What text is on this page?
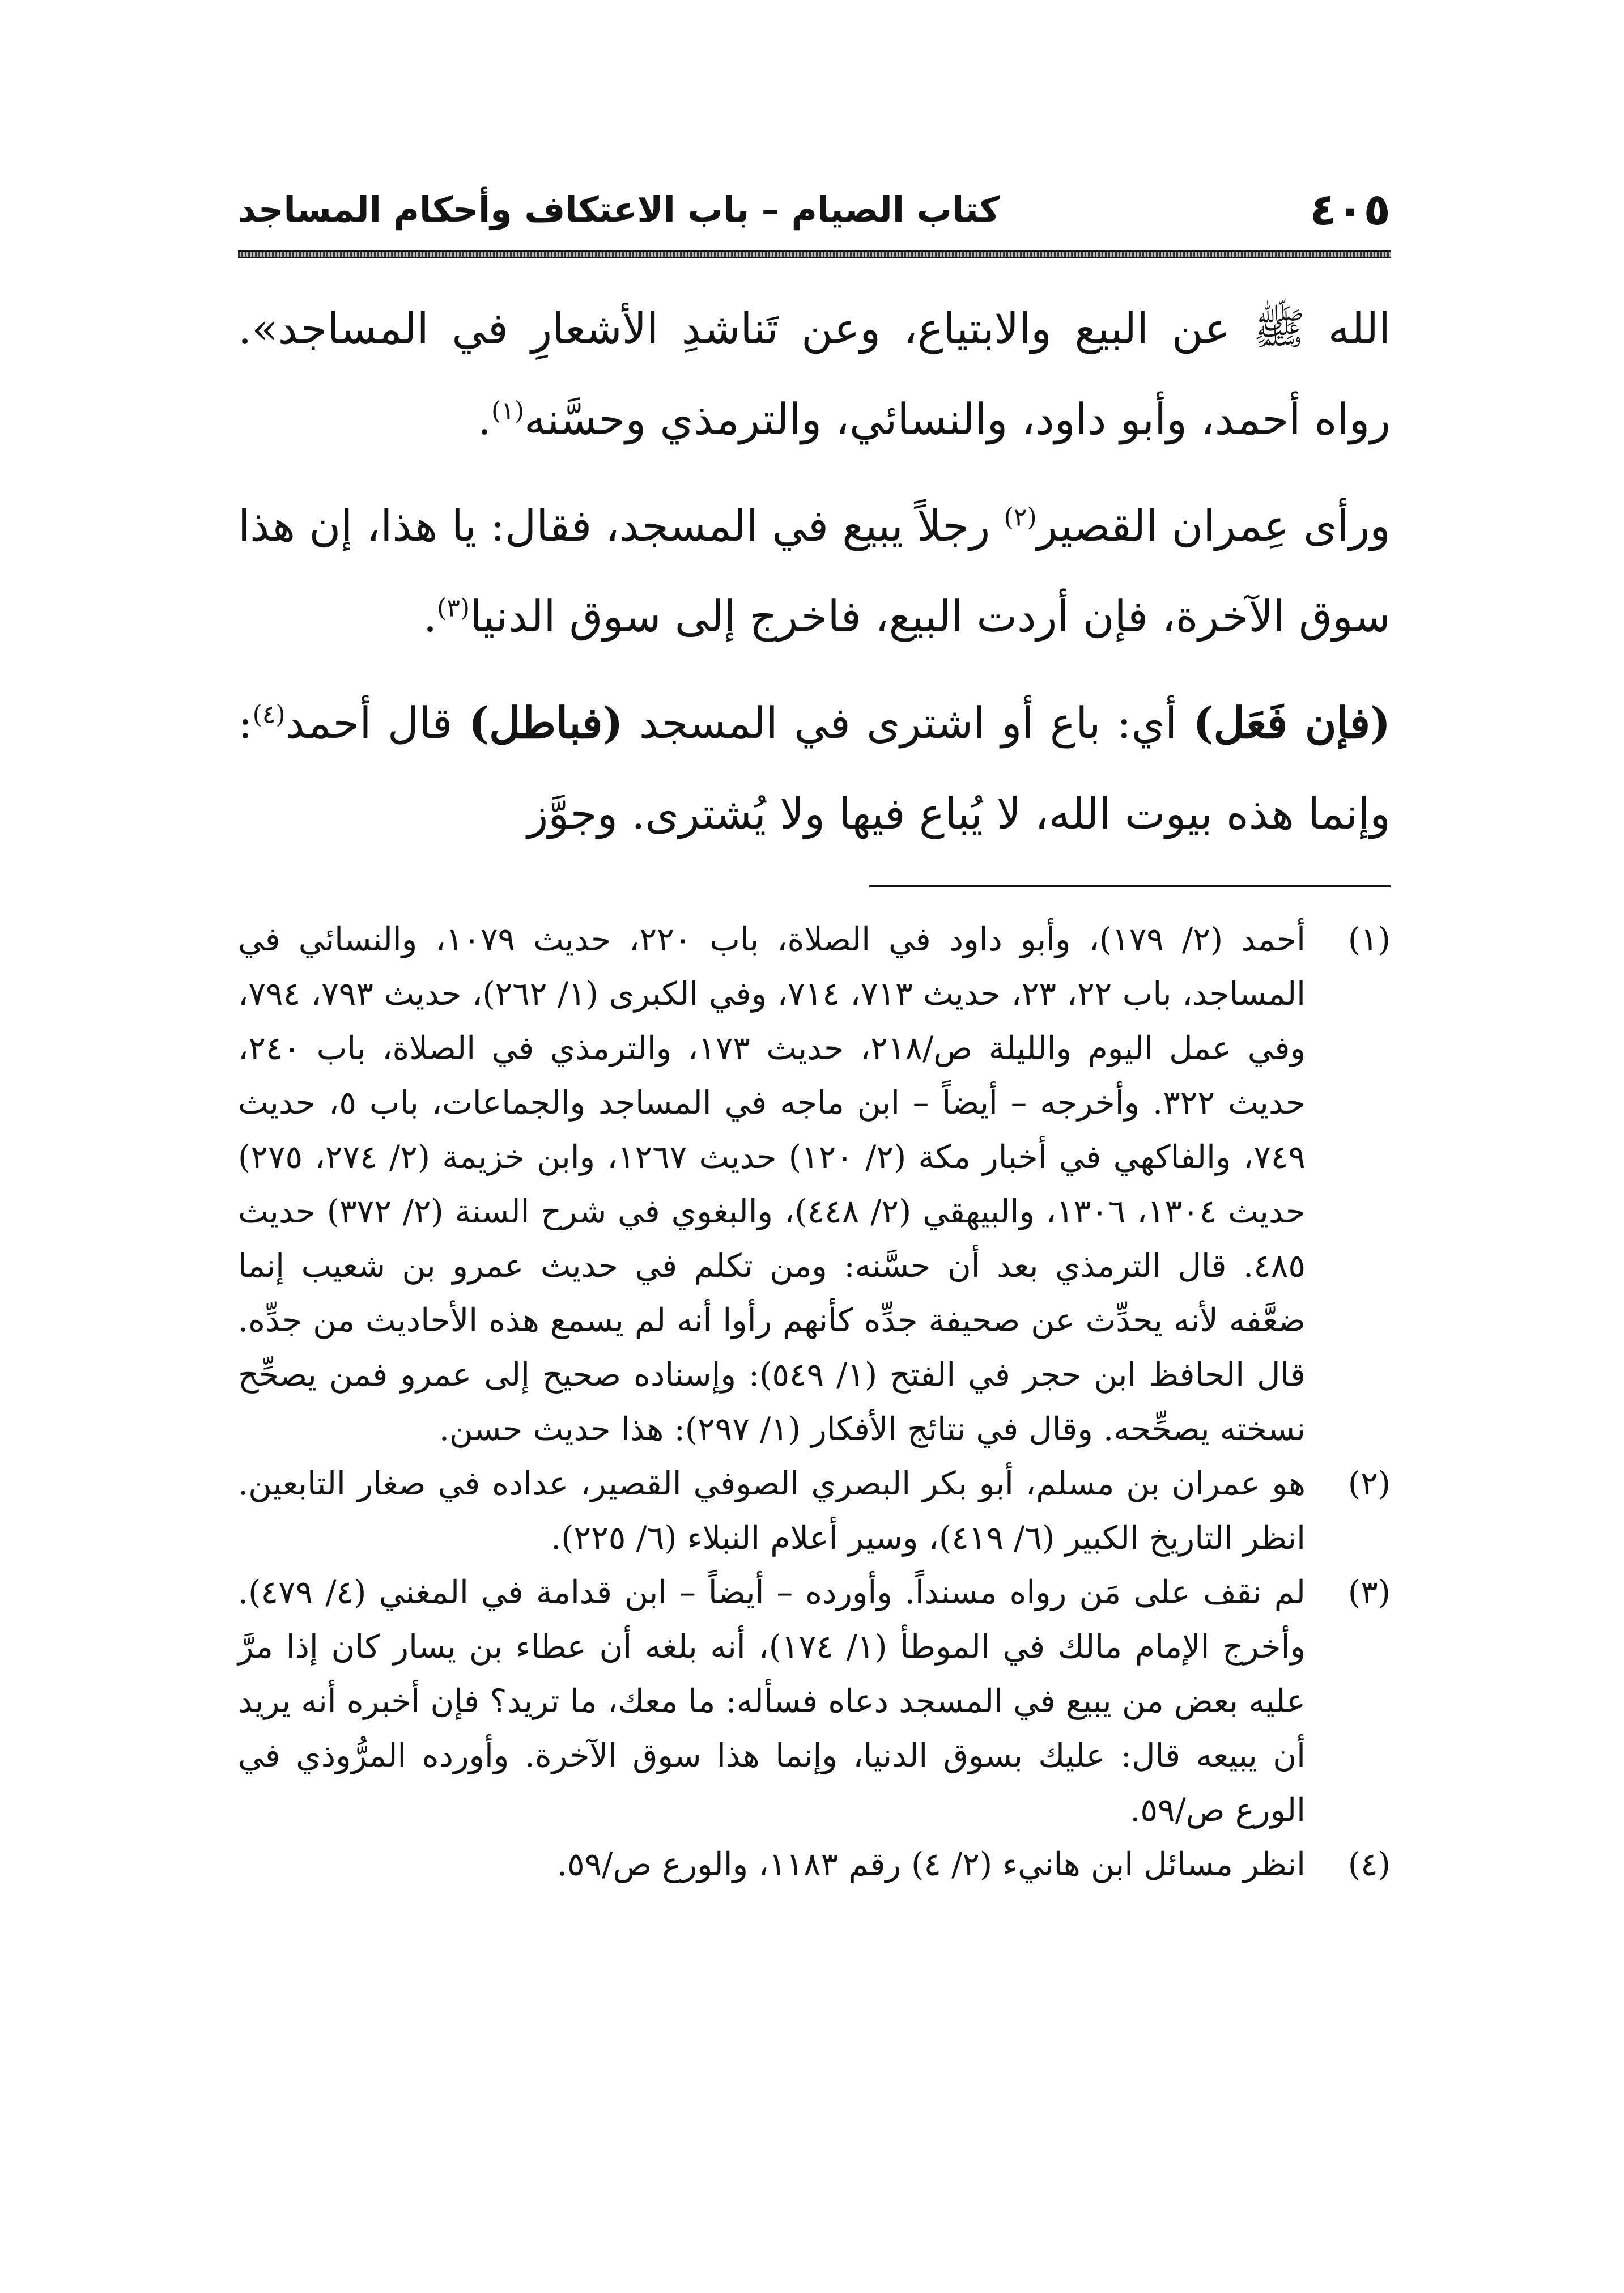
٤٠٥
كتاب الصيام – باب الاعتكاف وأحكام المساجد

الله ﷺ عن البيع والابتياع، وعن تَناشدِ الأشعارِ في المساجد». رواه أحمد، وأبو داود، والنسائي، والترمذي وحسَّنه$^{(١)}$.

ورأى عِمران القصير$^{(٢)}$ رجلاً يبيع في المسجد، فقال: يا هذا، إن هذا سوق الآخرة، فإن أردت البيع، فاخرج إلى سوق الدنيا$^{(٣)}$.

(فإن فَعَل) أي: باع أو اشترى في المسجد (فباطل) قال أحمد$^{(٤)}$: وإنما هذه بيوت الله، لا يُباع فيها ولا يُشترى. وجوَّز

(١)
أحمد (٢/ ١٧٩)، وأبو داود في الصلاة، باب ٢٢٠، حديث ١٠٧٩، والنسائي في المساجد، باب ٢٢، ٢٣، حديث ٧١٣، ٧١٤، وفي الكبرى (١/ ٢٦٢)، حديث ٧٩٣، ٧٩٤، وفي عمل اليوم والليلة ص/٢١٨، حديث ١٧٣، والترمذي في الصلاة، باب ٢٤٠، حديث ٣٢٢. وأخرجه – أيضاً – ابن ماجه في المساجد والجماعات، باب ٥، حديث ٧٤٩، والفاكهي في أخبار مكة (٢/ ١٢٠) حديث ١٢٦٧، وابن خزيمة (٢/ ٢٧٤، ٢٧٥) حديث ١٣٠٤، ١٣٠٦، والبيهقي (٢/ ٤٤٨)، والبغوي في شرح السنة (٢/ ٣٧٢) حديث ٤٨٥. قال الترمذي بعد أن حسَّنه: ومن تكلم في حديث عمرو بن شعيب إنما ضعَّفه لأنه يحدِّث عن صحيفة جدِّه كأنهم رأوا أنه لم يسمع هذه الأحاديث من جدِّه. قال الحافظ ابن حجر في الفتح (١/ ٥٤٩): وإسناده صحيح إلى عمرو فمن يصحِّح نسخته يصحِّحه. وقال في نتائج الأفكار (١/ ٢٩٧): هذا حديث حسن.
(٢)
هو عمران بن مسلم، أبو بكر البصري الصوفي القصير، عداده في صغار التابعين. انظر التاريخ الكبير (٦/ ٤١٩)، وسير أعلام النبلاء (٦/ ٢٢٥).
(٣)
لم نقف على مَن رواه مسنداً. وأورده – أيضاً – ابن قدامة في المغني (٤/ ٤٧٩). وأخرج الإمام مالك في الموطأ (١/ ١٧٤)، أنه بلغه أن عطاء بن يسار كان إذا مرَّ عليه بعض من يبيع في المسجد دعاه فسأله: ما معك، ما تريد؟ فإن أخبره أنه يريد أن يبيعه قال: عليك بسوق الدنيا، وإنما هذا سوق الآخرة. وأورده المرُّوذي في الورع ص/٥٩.
(٤)
انظر مسائل ابن هانيء (٢/ ٤) رقم ١١٨٣، والورع ص/٥٩.
